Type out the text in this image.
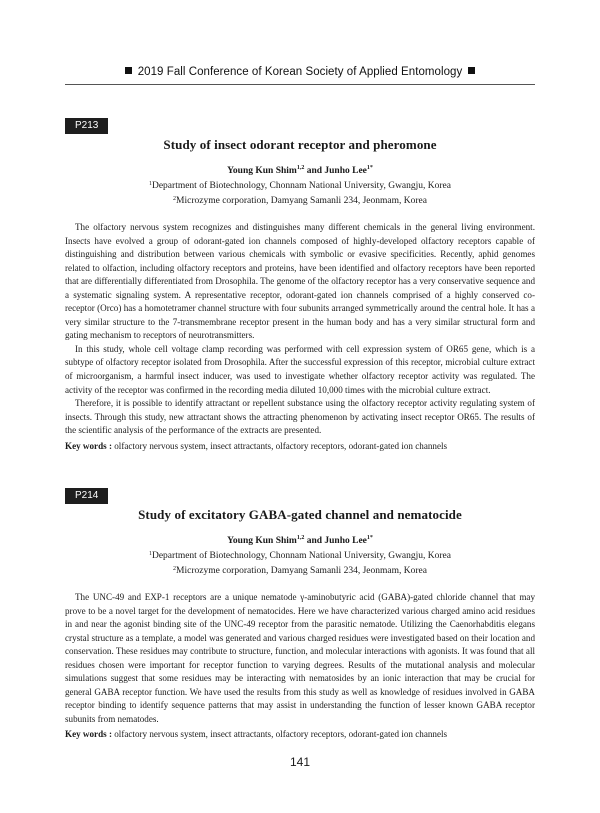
2019 Fall Conference of Korean Society of Applied Entomology
P213
Study of insect odorant receptor and pheromone
Young Kun Shim$^{1,2}$ and Junho Lee$^{1*}$
$^1$Department of Biotechnology, Chonnam National University, Gwangju, Korea
$^2$Microzyme corporation, Damyang Samanli 234, Jeonmam, Korea

The olfactory nervous system recognizes and distinguishes many different chemicals in the general living environment. Insects have evolved a group of odorant-gated ion channels composed of highly-developed olfactory receptors capable of distinguishing and distribution between various chemicals with symbolic or evasive specificities. Recently, aphid genomes related to olfaction, including olfactory receptors and proteins, have been identified and olfactory receptors have been reported that are differentially differentiated from Drosophila. The genome of the olfactory receptor has a very conservative sequence and a systematic signaling system. A representative receptor, odorant-gated ion channels comprised of a highly conserved co-receptor (Orco) has a homotetramer channel structure with four subunits arranged symmetrically around the central hole. It has a very similar structure to the 7-transmembrane receptor present in the human body and has a very similar structural form and gating mechanism to receptors of neurotransmitters.

In this study, whole cell voltage clamp recording was performed with cell expression system of OR65 gene, which is a subtype of olfactory receptor isolated from Drosophila. After the successful expression of this receptor, microbial culture extract of microorganism, a harmful insect inducer, was used to investigate whether olfactory receptor activity was regulated. The activity of the receptor was confirmed in the recording media diluted 10,000 times with the microbial culture extract.

Therefore, it is possible to identify attractant or repellent substance using the olfactory receptor activity regulating system of insects. Through this study, new attractant shows the attracting phenomenon by activating insect receptor OR65. The results of the scientific analysis of the performance of the extracts are presented.

Key words : olfactory nervous system, insect attractants, olfactory receptors, odorant-gated ion channels
P214
Study of excitatory GABA-gated channel and nematocide
Young Kun Shim$^{1,2}$ and Junho Lee$^{1*}$
$^1$Department of Biotechnology, Chonnam National University, Gwangju, Korea
$^2$Microzyme corporation, Damyang Samanli 234, Jeonmam, Korea

The UNC-49 and EXP-1 receptors are a unique nematode γ-aminobutyric acid (GABA)-gated chloride channel that may prove to be a novel target for the development of nematocides. Here we have characterized various charged amino acid residues in and near the agonist binding site of the UNC-49 receptor from the parasitic nematode. Utilizing the Caenorhabditis elegans crystal structure as a template, a model was generated and various charged residues were investigated based on their location and conservation. These residues may contribute to structure, function, and molecular interactions with agonists. It was found that all residues chosen were important for receptor function to varying degrees. Results of the mutational analysis and molecular simulations suggest that some residues may be interacting with nematosides by an ionic interaction that may be crucial for general GABA receptor function. We have used the results from this study as well as knowledge of residues involved in GABA receptor binding to identify sequence patterns that may assist in understanding the function of lesser known GABA receptor subunits from nematodes.

Key words : olfactory nervous system, insect attractants, olfactory receptors, odorant-gated ion channels
141
